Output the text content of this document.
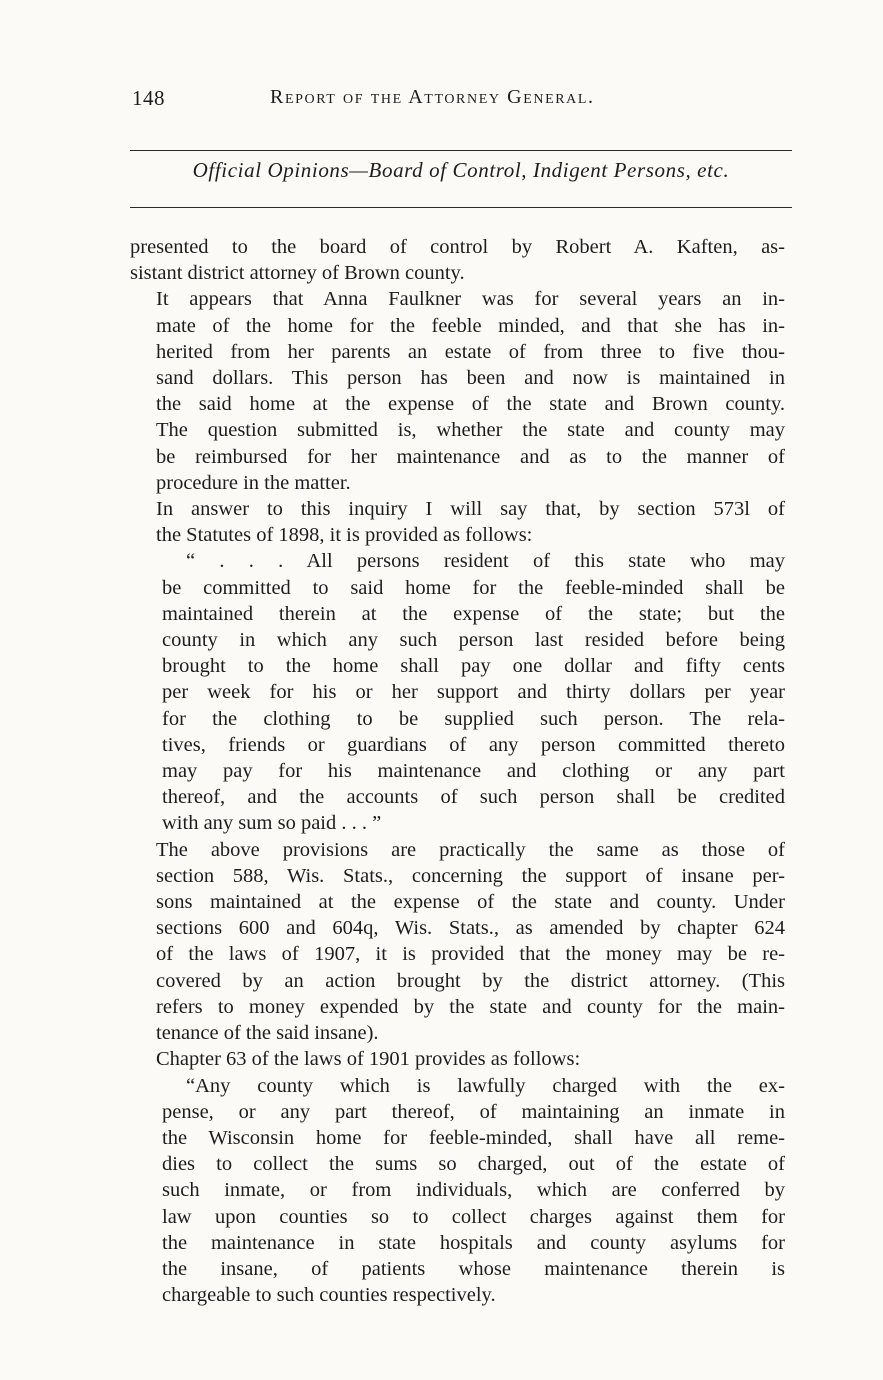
148	Report of the Attorney General.
Official Opinions—Board of Control, Indigent Persons, etc.

presented to the board of control by Robert A. Kaften, as-
sistant district attorney of Brown county.

It appears that Anna Faulkner was for several years an in-
mate of the home for the feeble minded, and that she has in-
herited from her parents an estate of from three to five thou-
sand dollars. This person has been and now is maintained in
the said home at the expense of the state and Brown county.
The question submitted is, whether the state and county may
be reimbursed for her maintenance and as to the manner of
procedure in the matter.

In answer to this inquiry I will say that, by section 573l of
the Statutes of 1898, it is provided as follows:

“ . . . All persons resident of this state who may
be committed to said home for the feeble-minded shall be
maintained therein at the expense of the state; but the
county in which any such person last resided before being
brought to the home shall pay one dollar and fifty cents
per week for his or her support and thirty dollars per year
for the clothing to be supplied such person. The rela-
tives, friends or guardians of any person committed thereto
may pay for his maintenance and clothing or any part
thereof, and the accounts of such person shall be credited
with any sum so paid . . . ”

The above provisions are practically the same as those of
section 588, Wis. Stats., concerning the support of insane per-
sons maintained at the expense of the state and county. Under
sections 600 and 604q, Wis. Stats., as amended by chapter 624
of the laws of 1907, it is provided that the money may be re-
covered by an action brought by the district attorney. (This
refers to money expended by the state and county for the main-
tenance of the said insane).

Chapter 63 of the laws of 1901 provides as follows:

“Any county which is lawfully charged with the ex-
pense, or any part thereof, of maintaining an inmate in
the Wisconsin home for feeble-minded, shall have all reme-
dies to collect the sums so charged, out of the estate of
such inmate, or from individuals, which are conferred by
law upon counties so to collect charges against them for
the maintenance in state hospitals and county asylums for
the insane, of patients whose maintenance therein is
chargeable to such counties respectively.
